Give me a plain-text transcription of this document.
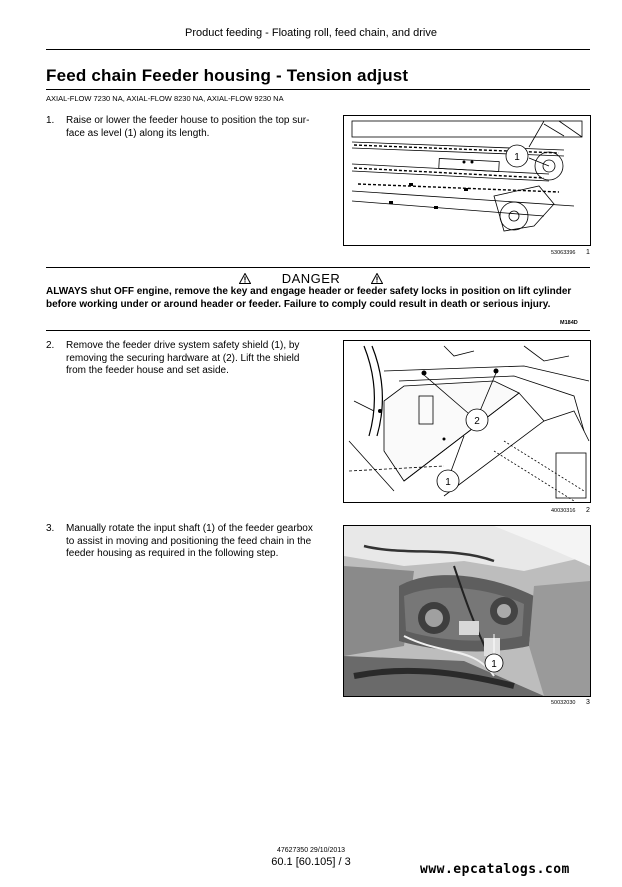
Product feeding - Floating roll, feed chain, and drive
Feed chain Feeder housing - Tension adjust
AXIAL-FLOW 7230 NA, AXIAL-FLOW 8230 NA, AXIAL-FLOW 9230 NA
1. Raise or lower the feeder house to position the top sur-
face as level (1) along its length.
1
53063396 1
DANGER
ALWAYS shut OFF engine, remove the key and engage header or feeder safety locks in position on lift cylinder
before working under or around header or feeder. Failure to comply could result in death or serious injury.
M184D
2. Remove the feeder drive system safety shield (1), by
removing the securing hardware at (2). Lift the shield
from the feeder house and set aside.
2
1
40030316 2
3. Manually rotate the input shaft (1) of the feeder gearbox
to assist in moving and positioning the feed chain in the
feeder housing as required in the following step.
1
50032030 3
47627350 29/10/2013
60.1 [60.105] / 3	www.epcatalogs.com
